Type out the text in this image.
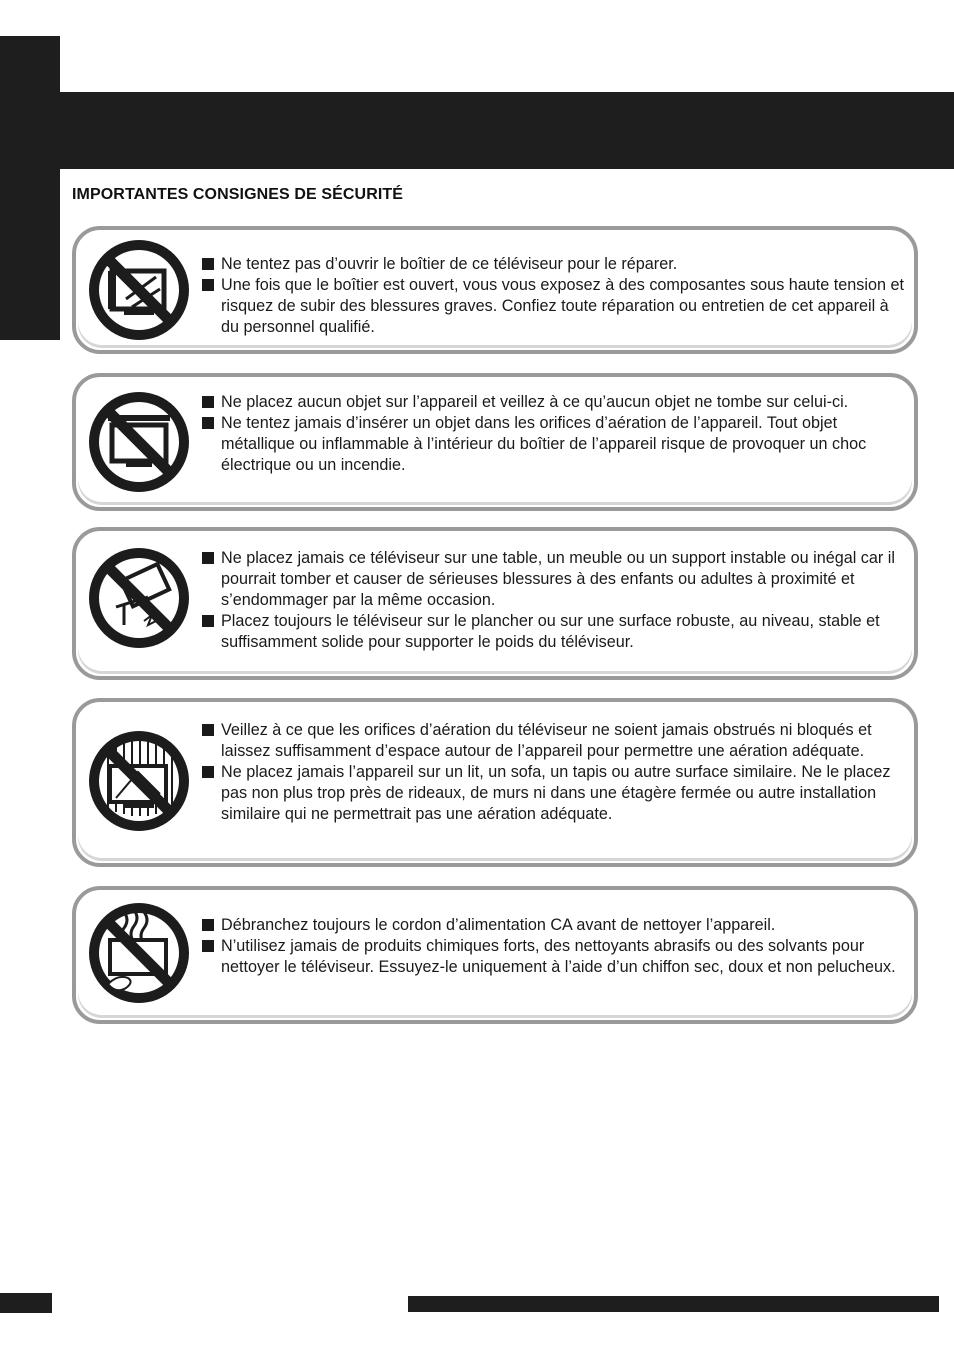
IMPORTANTES CONSIGNES DE SÉCURITÉ
Ne tentez pas d’ouvrir le boîtier de ce téléviseur pour le réparer.
Une fois que le boîtier est ouvert, vous vous exposez à des composantes sous haute tension et risquez de subir des blessures graves. Confiez toute réparation ou entretien de cet appareil à du personnel qualifié.
Ne placez aucun objet sur l’appareil et veillez à ce qu’aucun objet ne tombe sur celui-ci.
Ne tentez jamais d’insérer un objet dans les orifices d’aération de l’appareil. Tout objet métallique ou inflammable à l’intérieur du boîtier de l’appareil risque de provoquer un choc électrique ou un incendie.
Ne placez jamais ce téléviseur sur une table, un meuble ou un support instable ou inégal car il pourrait tomber et causer de sérieuses blessures à des enfants ou adultes à proximité et s’endommager par la même occasion.
Placez toujours le téléviseur sur le plancher ou sur une surface robuste, au niveau, stable et suffisamment solide pour supporter le poids du téléviseur.
Veillez à ce que les orifices d’aération du téléviseur ne soient jamais obstrués ni bloqués et laissez suffisamment d’espace autour de l’appareil pour permettre une aération adéquate.
Ne placez jamais l’appareil sur un lit, un sofa, un tapis ou autre surface similaire. Ne le placez pas non plus trop près de rideaux, de murs ni dans une étagère fermée ou autre installation similaire qui ne permettrait pas une aération adéquate.
Débranchez toujours le cordon d’alimentation CA avant de nettoyer l’appareil.
N’utilisez jamais de produits chimiques forts, des nettoyants abrasifs ou des solvants pour nettoyer le téléviseur. Essuyez-le uniquement à l’aide d’un chiffon sec, doux et non pelucheux.
